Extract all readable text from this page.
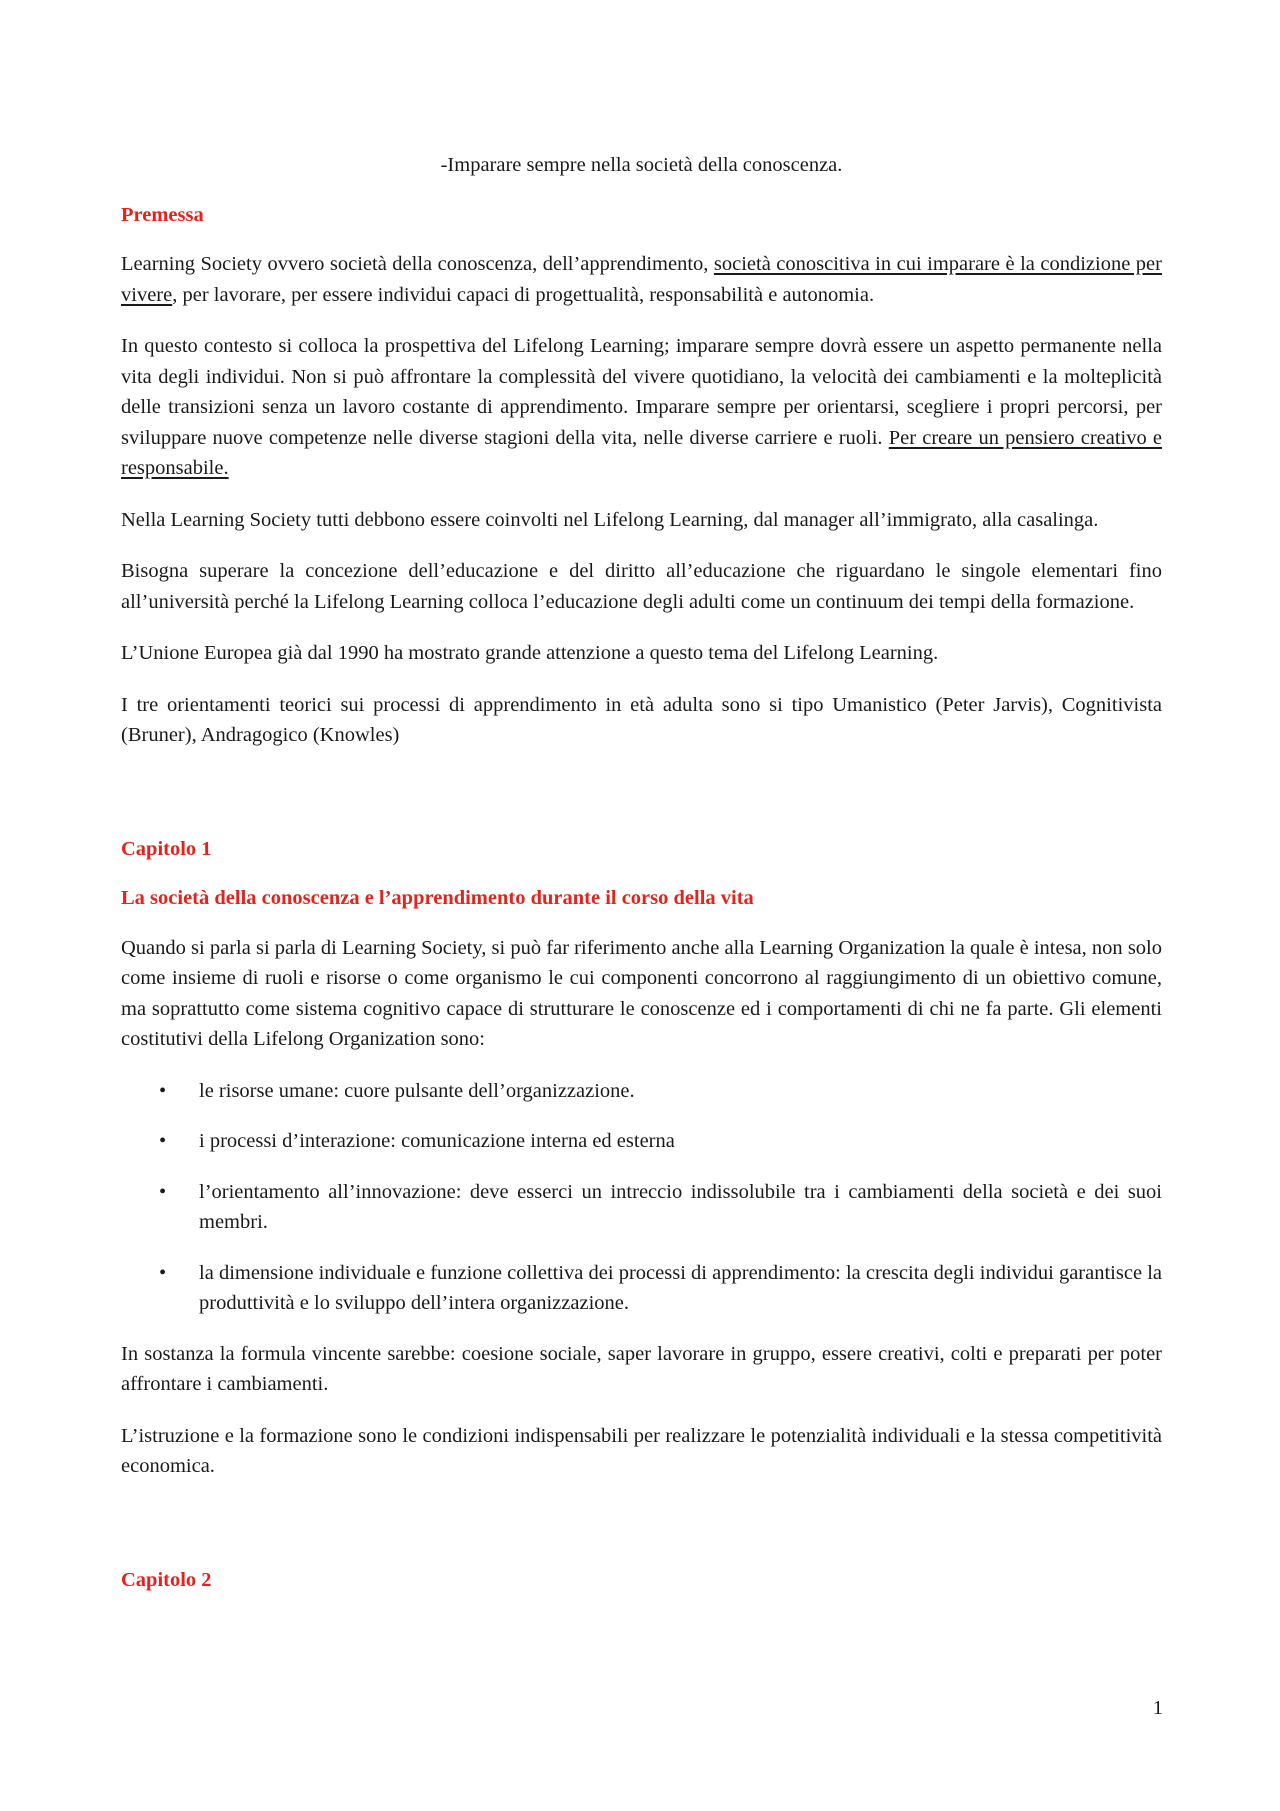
-Imparare sempre nella società della conoscenza.
Premessa

Learning Society ovvero società della conoscenza, dell’apprendimento, società conoscitiva in cui imparare è la condizione per vivere, per lavorare, per essere individui capaci di progettualità, responsabilità e autonomia.

In questo contesto si colloca la prospettiva del Lifelong Learning; imparare sempre dovrà essere un aspetto permanente nella vita degli individui. Non si può affrontare la complessità del vivere quotidiano, la velocità dei cambiamenti e la molteplicità delle transizioni senza un lavoro costante di apprendimento. Imparare sempre per orientarsi, scegliere i propri percorsi, per sviluppare nuove competenze nelle diverse stagioni della vita, nelle diverse carriere e ruoli. Per creare un pensiero creativo e responsabile.

Nella Learning Society tutti debbono essere coinvolti nel Lifelong Learning, dal manager all’immigrato, alla casalinga.

Bisogna superare la concezione dell’educazione e del diritto all’educazione che riguardano le singole elementari fino all’università perché la Lifelong Learning colloca l’educazione degli adulti come un continuum dei tempi della formazione.

L’Unione Europea già dal 1990 ha mostrato grande attenzione a questo tema del Lifelong Learning.

I tre orientamenti teorici sui processi di apprendimento in età adulta sono si tipo Umanistico (Peter Jarvis), Cognitivista (Bruner), Andragogico (Knowles)

Capitolo 1
La società della conoscenza e l’apprendimento durante il corso della vita

Quando si parla si parla di Learning Society, si può far riferimento anche alla Learning Organization la quale è intesa, non solo come insieme di ruoli e risorse o come organismo le cui componenti concorrono al raggiungimento di un obiettivo comune, ma soprattutto come sistema cognitivo capace di strutturare le conoscenze ed i comportamenti di chi ne fa parte. Gli elementi costitutivi della Lifelong Organization sono:

• le risorse umane: cuore pulsante dell’organizzazione.
• i processi d’interazione: comunicazione interna ed esterna
• l’orientamento all’innovazione: deve esserci un intreccio indissolubile tra i cambiamenti della società e dei suoi membri.
• la dimensione individuale e funzione collettiva dei processi di apprendimento: la crescita degli individui garantisce la produttività e lo sviluppo dell’intera organizzazione.

In sostanza la formula vincente sarebbe: coesione sociale, saper lavorare in gruppo, essere creativi, colti e preparati per poter affrontare i cambiamenti.

L’istruzione e la formazione sono le condizioni indispensabili per realizzare le potenzialità individuali e la stessa competitività economica.

Capitolo 2
1
